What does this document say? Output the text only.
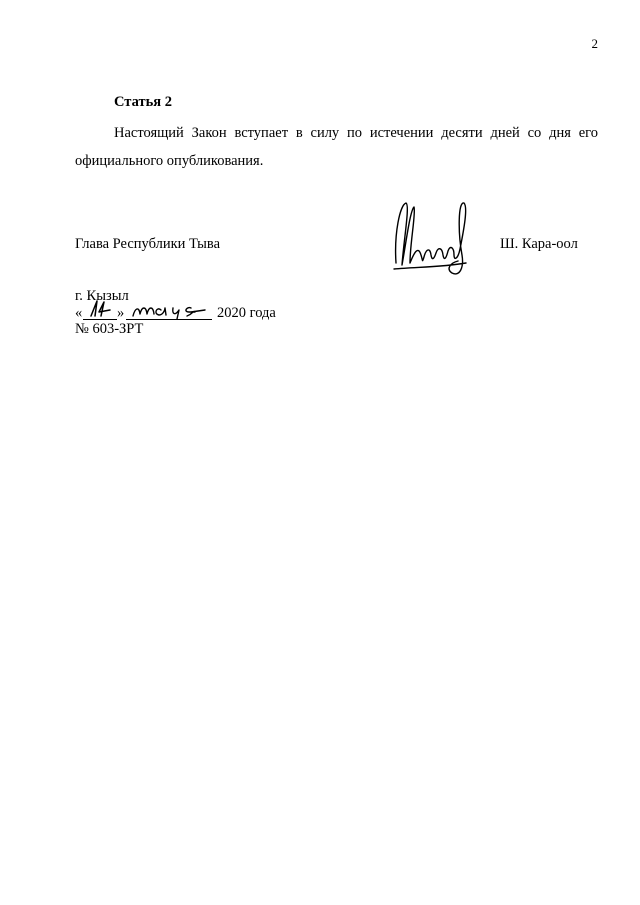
2
Статья 2
Настоящий Закон вступает в силу по истечении десяти дней со дня его официального опубликования.
Глава Республики Тыва	Ш. Кара-оол
г. Кызыл
« »	2020 года
№ 603-ЗРТ
